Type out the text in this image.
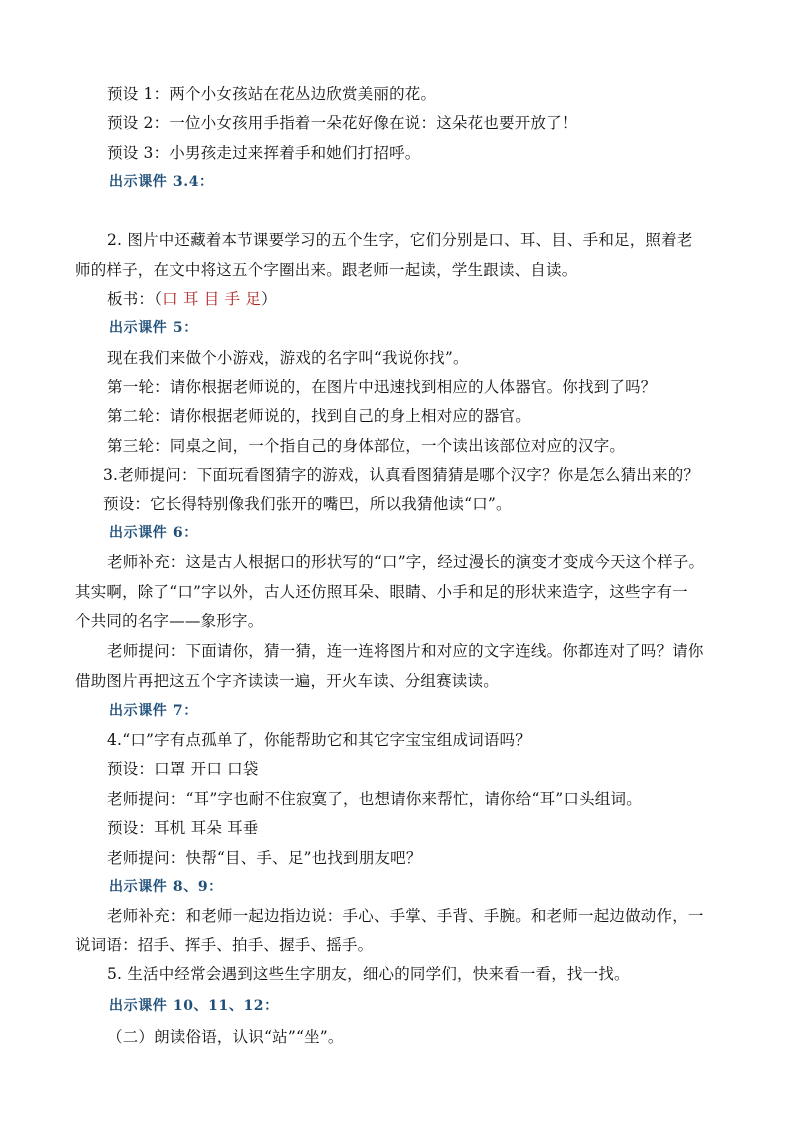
预设 1：两个小女孩站在花丛边欣赏美丽的花。
预设 2：一位小女孩用手指着一朵花好像在说：这朵花也要开放了！
预设 3：小男孩走过来挥着手和她们打招呼。
出示课件 3.4：
2. 图片中还藏着本节课要学习的五个生字，它们分别是口、耳、目、手和足，照着老
师的样子，在文中将这五个字圈出来。跟老师一起读，学生跟读、自读。
板书：（口 耳 目 手 足）
出示课件 5：
现在我们来做个小游戏，游戏的名字叫“我说你找”。
第一轮：请你根据老师说的，在图片中迅速找到相应的人体器官。你找到了吗？
第二轮：请你根据老师说的，找到自己的身上相对应的器官。
第三轮：同桌之间，一个指自己的身体部位，一个读出该部位对应的汉字。
3.老师提问：下面玩看图猜字的游戏，认真看图猜猜是哪个汉字？你是怎么猜出来的？
预设：它长得特别像我们张开的嘴巴，所以我猜他读“口”。
出示课件 6：
老师补充：这是古人根据口的形状写的“口”字，经过漫长的演变才变成今天这个样子。
其实啊，除了“口”字以外，古人还仿照耳朵、眼睛、小手和足的形状来造字，这些字有一
个共同的名字——象形字。
老师提问：下面请你，猜一猜，连一连将图片和对应的文字连线。你都连对了吗？请你
借助图片再把这五个字齐读读一遍，开火车读、分组赛读读。
出示课件 7：
4.“口”字有点孤单了，你能帮助它和其它字宝宝组成词语吗？
预设：口罩 开口 口袋
老师提问：“耳”字也耐不住寂寞了，也想请你来帮忙，请你给“耳”口头组词。
预设：耳机 耳朵 耳垂
老师提问：快帮“目、手、足”也找到朋友吧？
出示课件 8、9：
老师补充：和老师一起边指边说：手心、手掌、手背、手腕。和老师一起边做动作，一
说词语：招手、挥手、拍手、握手、摇手。
5. 生活中经常会遇到这些生字朋友，细心的同学们，快来看一看，找一找。
出示课件 10、11、12：
（二）朗读俗语，认识“站”“坐”。
